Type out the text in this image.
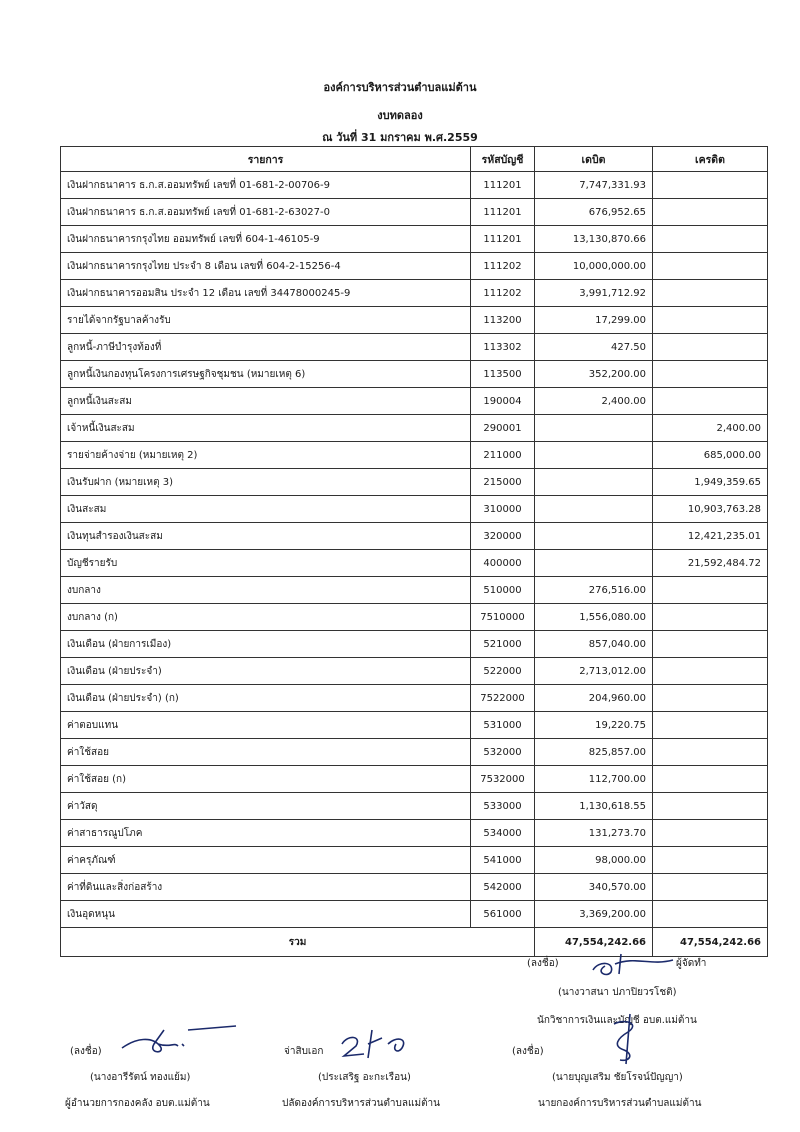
องค์การบริหารส่วนตำบลแม่ต้าน
งบทดลอง
ณ วันที่ 31 มกราคม พ.ศ.2559
รายการ	รหัสบัญชี	เดบิต	เครดิต
เงินฝากธนาคาร ธ.ก.ส.ออมทรัพย์ เลขที่ 01-681-2-00706-9	111201	7,747,331.93	
เงินฝากธนาคาร ธ.ก.ส.ออมทรัพย์ เลขที่ 01-681-2-63027-0	111201	676,952.65	
เงินฝากธนาคารกรุงไทย ออมทรัพย์ เลขที่ 604-1-46105-9	111201	13,130,870.66	
เงินฝากธนาคารกรุงไทย ประจำ 8 เดือน เลขที่ 604-2-15256-4	111202	10,000,000.00	
เงินฝากธนาคารออมสิน ประจำ 12 เดือน เลขที่ 34478000245-9	111202	3,991,712.92	
รายได้จากรัฐบาลค้างรับ	113200	17,299.00	
ลูกหนี้-ภาษีบำรุงท้องที่	113302	427.50	
ลูกหนี้เงินกองทุนโครงการเศรษฐกิจชุมชน (หมายเหตุ 6)	113500	352,200.00	
ลูกหนี้เงินสะสม	190004	2,400.00	
เจ้าหนี้เงินสะสม	290001		2,400.00
รายจ่ายค้างจ่าย (หมายเหตุ 2)	211000		685,000.00
เงินรับฝาก (หมายเหตุ 3)	215000		1,949,359.65
เงินสะสม	310000		10,903,763.28
เงินทุนสำรองเงินสะสม	320000		12,421,235.01
บัญชีรายรับ	400000		21,592,484.72
งบกลาง	510000	276,516.00	
งบกลาง (ก)	7510000	1,556,080.00	
เงินเดือน (ฝ่ายการเมือง)	521000	857,040.00	
เงินเดือน (ฝ่ายประจำ)	522000	2,713,012.00	
เงินเดือน (ฝ่ายประจำ) (ก)	7522000	204,960.00	
ค่าตอบแทน	531000	19,220.75	
ค่าใช้สอย	532000	825,857.00	
ค่าใช้สอย (ก)	7532000	112,700.00	
ค่าวัสดุ	533000	1,130,618.55	
ค่าสาธารณูปโภค	534000	131,273.70	
ค่าครุภัณฑ์	541000	98,000.00	
ค่าที่ดินและสิ่งก่อสร้าง	542000	340,570.00	
เงินอุดหนุน	561000	3,369,200.00	
รวม		47,554,242.66	47,554,242.66
(ลงชื่อ)	ผู้จัดทำ
(นางวาสนา ปภาปิยวรโชติ)
นักวิชาการเงินและบัญชี อบต.แม่ต้าน
(ลงชื่อ)
(นางอารีรัตน์ ทองแย้ม)
ผู้อำนวยการกองคลัง อบต.แม่ต้าน
จ่าสิบเอก
(ประเสริฐ อะกะเรือน)
ปลัดองค์การบริหารส่วนตำบลแม่ต้าน
(ลงชื่อ)
(นายบุญเสริม ชัยโรจน์ปัญญา)
นายกองค์การบริหารส่วนตำบลแม่ต้าน
